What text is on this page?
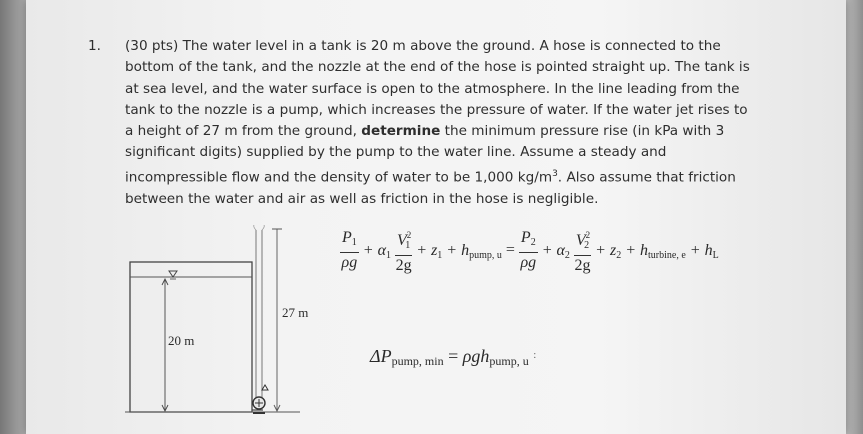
1.	(30 pts) The water level in a tank is 20 m above the ground. A hose is connected to the
bottom of the tank, and the nozzle at the end of the hose is pointed straight up. The tank is
at sea level, and the water surface is open to the atmosphere. In the line leading from the
tank to the nozzle is a pump, which increases the pressure of water. If the water jet rises to
a height of 27 m from the ground, determine the minimum pressure rise (in kPa with 3
significant digits) supplied by the pump to the water line. Assume a steady and
incompressible flow and the density of water to be 1,000 $kg/m^3$. Also assume that friction
between the water and air as well as friction in the hose is negligible.
20 m
27 m
$\frac{P_1}{\rho g} + \alpha_1 \frac{V^2_1}{2g} + z_1 + h_{pump, u} = \frac{P_2}{\rho g} + \alpha_2 \frac{V^2_2}{2g} + z_2 + h_{turbine, e} + h_L$
$\Delta P_{pump, min} = \rho gh_{pump, u}$ :
